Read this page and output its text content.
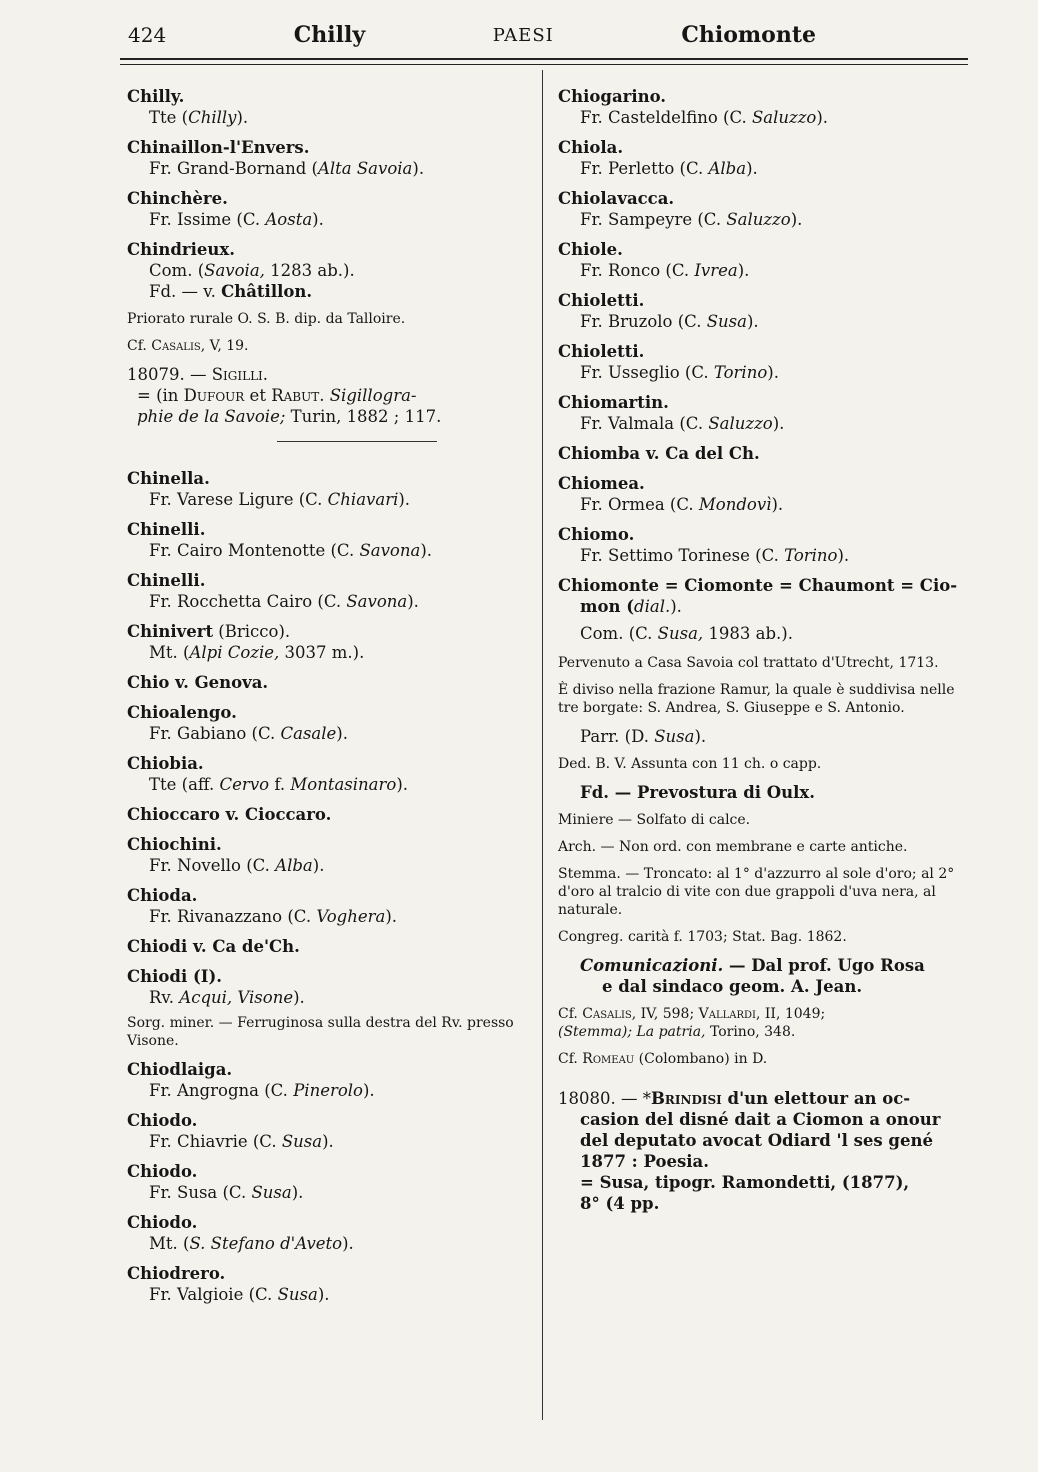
424	Chilly	PAESI	Chiomonte
Chilly.
Tte (Chilly).
Chinaillon-l'Envers.
Fr. Grand-Bornand (Alta Savoia).
Chinchère.
Fr. Issime (C. Aosta).
Chindrieux.
Com. (Savoia, 1283 ab.).
Fd. — v. Châtillon.
Priorato rurale O. S. B. dip. da Talloire.
Cf. Casalis, V, 19.
18079. — Sigilli.
= (in Dufour et Rabut. Sigillogra-
phie de la Savoie; Turin, 1882 ; 117.
Chinella.
Fr. Varese Ligure (C. Chiavari).
Chinelli.
Fr. Cairo Montenotte (C. Savona).
Chinelli.
Fr. Rocchetta Cairo (C. Savona).
Chinivert (Bricco).
Mt. (Alpi Cozie, 3037 m.).
Chio v. Genova.
Chioalengo.
Fr. Gabiano (C. Casale).
Chiobia.
Tte (aff. Cervo f. Montasinaro).
Chioccaro v. Cioccaro.
Chiochini.
Fr. Novello (C. Alba).
Chioda.
Fr. Rivanazzano (C. Voghera).
Chiodi v. Ca de'Ch.
Chiodi (I).
Rv. Acqui, Visone).
Sorg. miner. — Ferruginosa sulla destra del Rv. presso Visone.
Chiodlaiga.
Fr. Angrogna (C. Pinerolo).
Chiodo.
Fr. Chiavrie (C. Susa).
Chiodo.
Fr. Susa (C. Susa).
Chiodo.
Mt. (S. Stefano d'Aveto).
Chiodrero.
Fr. Valgioie (C. Susa).
Chiogarino.
Fr. Casteldelfino (C. Saluzzo).
Chiola.
Fr. Perletto (C. Alba).
Chiolavacca.
Fr. Sampeyre (C. Saluzzo).
Chiole.
Fr. Ronco (C. Ivrea).
Chioletti.
Fr. Bruzolo (C. Susa).
Chioletti.
Fr. Usseglio (C. Torino).
Chiomartin.
Fr. Valmala (C. Saluzzo).
Chiomba v. Ca del Ch.
Chiomea.
Fr. Ormea (C. Mondovì).
Chiomo.
Fr. Settimo Torinese (C. Torino).
Chiomonte = Ciomonte = Chaumont = Cio-
mon (dial.).
Com. (C. Susa, 1983 ab.).
Pervenuto a Casa Savoia col trattato d'Utrecht, 1713.
È diviso nella frazione Ramur, la quale è suddivisa nelle tre borgate: S. Andrea, S. Giuseppe e S. Antonio.
Parr. (D. Susa).
Ded. B. V. Assunta con 11 ch. o capp.
Fd. — Prevostura di Oulx.
Miniere — Solfato di calce.
Arch. — Non ord. con membrane e carte antiche.
Stemma. — Troncato: al 1° d'azzurro al sole d'oro; al 2° d'oro al tralcio di vite con due grappoli d'uva nera, al naturale.
Congreg. carità f. 1703; Stat. Bag. 1862.
Comunicazioni. — Dal prof. Ugo Rosa
e dal sindaco geom. A. Jean.
Cf. Casalis, IV, 598; Vallardi, II, 1049;
(Stemma); La patria, Torino, 348.
Cf. Romeau (Colombano) in D.
18080. — *Brindisi d'un elettour an oc-
casion del disné dait a Ciomon a onour
del deputato avocat Odiard 'l ses gené
1877 : Poesia.
= Susa, tipogr. Ramondetti, (1877),
8° (4 pp.
